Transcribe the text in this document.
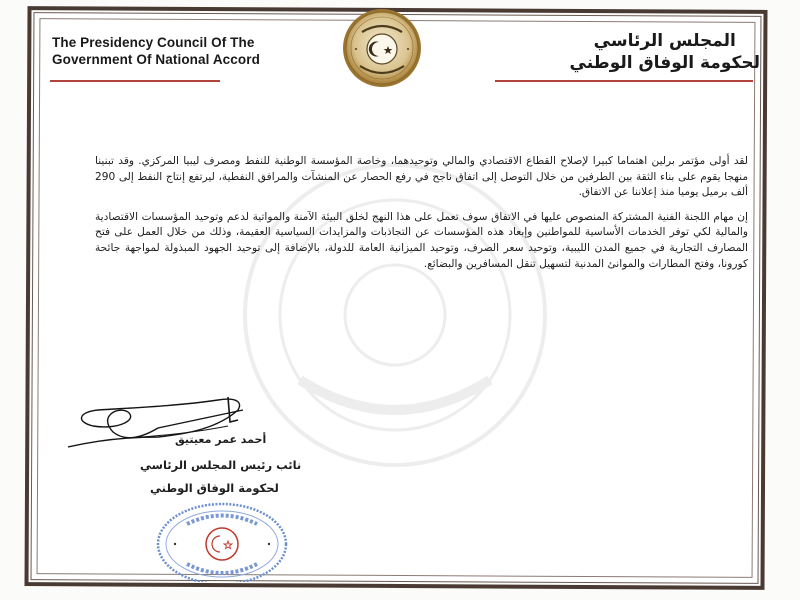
The Presidency Council Of The
Government Of National Accord
المجلس الرئاسي
لحكومة الوفاق الوطني

لقد أولى مؤتمر برلين اهتماما كبيرا لإصلاح القطاع الاقتصادي والمالي وتوحيدهما، وخاصة المؤسسة الوطنية للنفط ومصرف ليبيا المركزي. وقد تبنينا منهجا يقوم على بناء الثقة بين الطرفين من خلال التوصل إلى اتفاق ناجح في رفع الحصار عن المنشآت والمرافق النفطية، ليرتفع إنتاج النفط إلى 290 ألف برميل يوميا منذ إعلاننا عن الاتفاق.

إن مهام اللجنة الفنية المشتركة المنصوص عليها في الاتفاق سوف تعمل على هذا النهج لخلق البيئة الآمنة والمواتية لدعم وتوحيد المؤسسات الاقتصادية والمالية لكي توفر الخدمات الأساسية للمواطنين وإبعاد هذه المؤسسات عن التجاذبات والمزايدات السياسية العقيمة، وذلك من خلال العمل على فتح المصارف التجارية في جميع المدن الليبية، وتوحيد سعر الصرف، وتوحيد الميزانية العامة للدولة، بالإضافة إلى توحيد الجهود المبذولة لمواجهة جائحة كورونا، وفتح المطارات والموانئ المدنية لتسهيل تنقل المسافرين والبضائع.

أحمد عمر معيتيق
نائب رئيس المجلس الرئاسي
لحكومة الوفاق الوطني
